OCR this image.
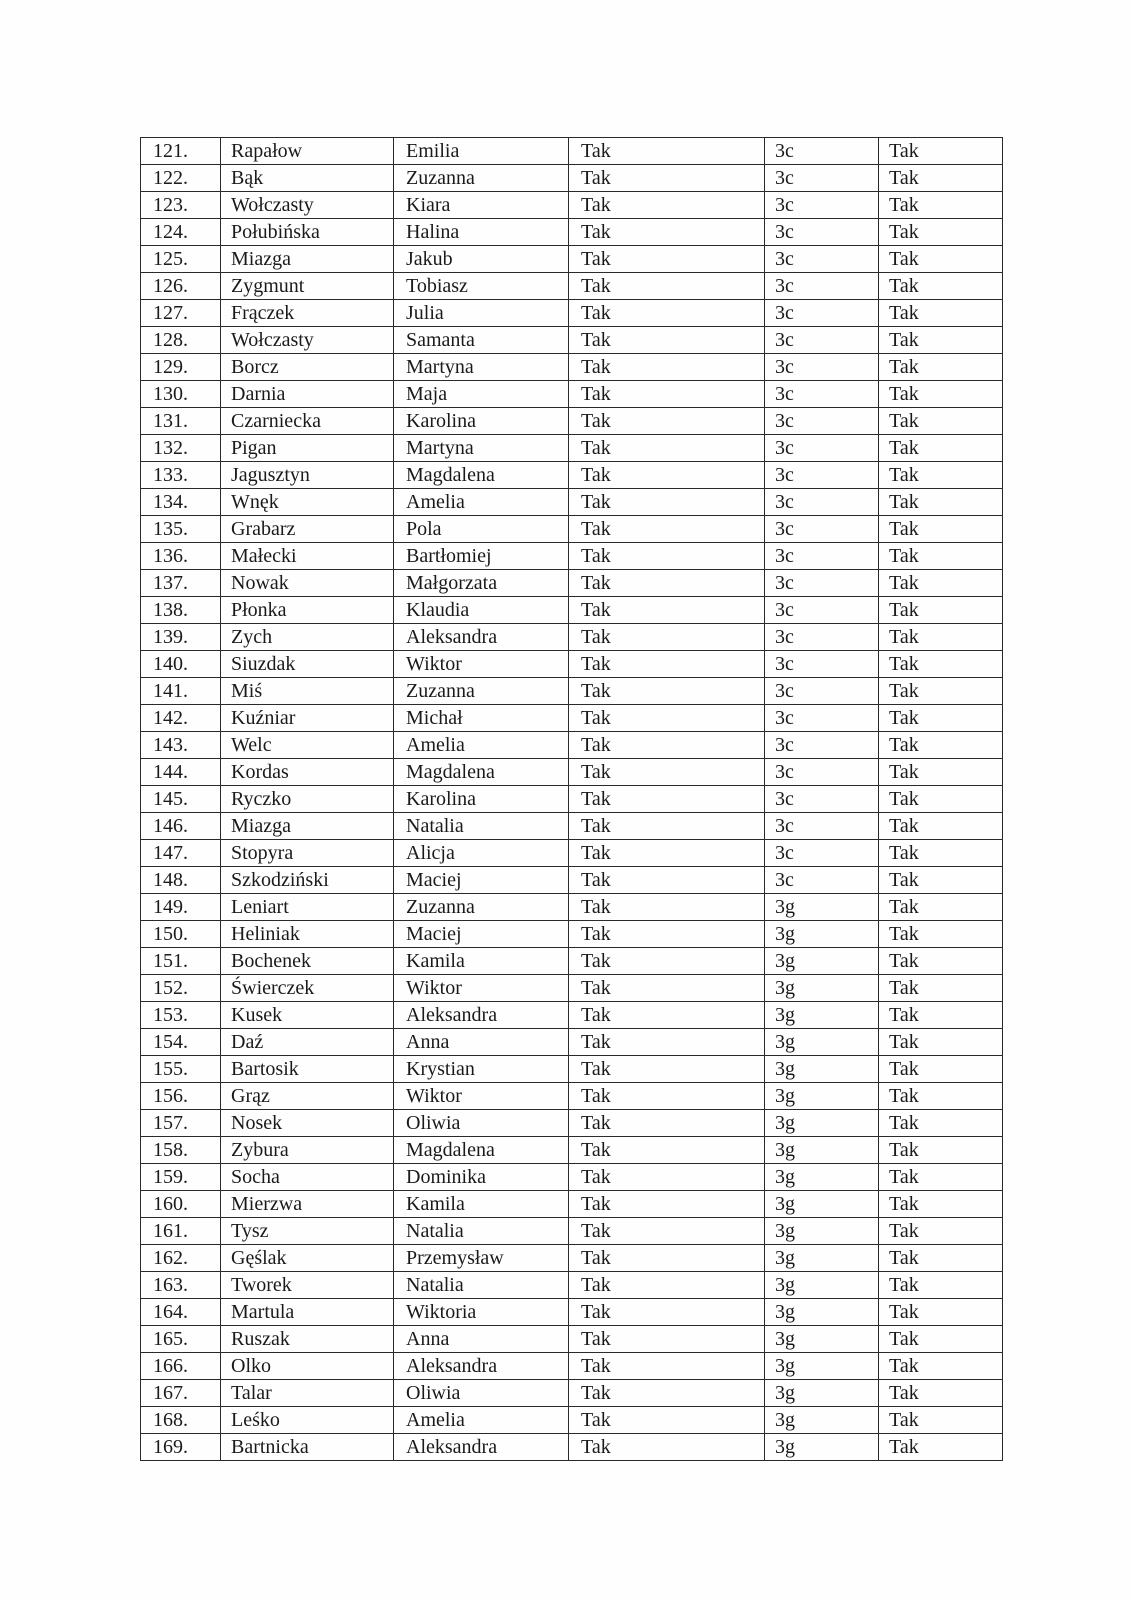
121.	Rapałow	Emilia	Tak	3c	Tak
122.	Bąk	Zuzanna	Tak	3c	Tak
123.	Wołczasty	Kiara	Tak	3c	Tak
124.	Połubińska	Halina	Tak	3c	Tak
125.	Miazga	Jakub	Tak	3c	Tak
126.	Zygmunt	Tobiasz	Tak	3c	Tak
127.	Frączek	Julia	Tak	3c	Tak
128.	Wołczasty	Samanta	Tak	3c	Tak
129.	Borcz	Martyna	Tak	3c	Tak
130.	Darnia	Maja	Tak	3c	Tak
131.	Czarniecka	Karolina	Tak	3c	Tak
132.	Pigan	Martyna	Tak	3c	Tak
133.	Jagusztyn	Magdalena	Tak	3c	Tak
134.	Wnęk	Amelia	Tak	3c	Tak
135.	Grabarz	Pola	Tak	3c	Tak
136.	Małecki	Bartłomiej	Tak	3c	Tak
137.	Nowak	Małgorzata	Tak	3c	Tak
138.	Płonka	Klaudia	Tak	3c	Tak
139.	Zych	Aleksandra	Tak	3c	Tak
140.	Siuzdak	Wiktor	Tak	3c	Tak
141.	Miś	Zuzanna	Tak	3c	Tak
142.	Kuźniar	Michał	Tak	3c	Tak
143.	Welc	Amelia	Tak	3c	Tak
144.	Kordas	Magdalena	Tak	3c	Tak
145.	Ryczko	Karolina	Tak	3c	Tak
146.	Miazga	Natalia	Tak	3c	Tak
147.	Stopyra	Alicja	Tak	3c	Tak
148.	Szkodziński	Maciej	Tak	3c	Tak
149.	Leniart	Zuzanna	Tak	3g	Tak
150.	Heliniak	Maciej	Tak	3g	Tak
151.	Bochenek	Kamila	Tak	3g	Tak
152.	Świerczek	Wiktor	Tak	3g	Tak
153.	Kusek	Aleksandra	Tak	3g	Tak
154.	Daź	Anna	Tak	3g	Tak
155.	Bartosik	Krystian	Tak	3g	Tak
156.	Grąz	Wiktor	Tak	3g	Tak
157.	Nosek	Oliwia	Tak	3g	Tak
158.	Zybura	Magdalena	Tak	3g	Tak
159.	Socha	Dominika	Tak	3g	Tak
160.	Mierzwa	Kamila	Tak	3g	Tak
161.	Tysz	Natalia	Tak	3g	Tak
162.	Gęślak	Przemysław	Tak	3g	Tak
163.	Tworek	Natalia	Tak	3g	Tak
164.	Martula	Wiktoria	Tak	3g	Tak
165.	Ruszak	Anna	Tak	3g	Tak
166.	Olko	Aleksandra	Tak	3g	Tak
167.	Talar	Oliwia	Tak	3g	Tak
168.	Leśko	Amelia	Tak	3g	Tak
169.	Bartnicka	Aleksandra	Tak	3g	Tak
